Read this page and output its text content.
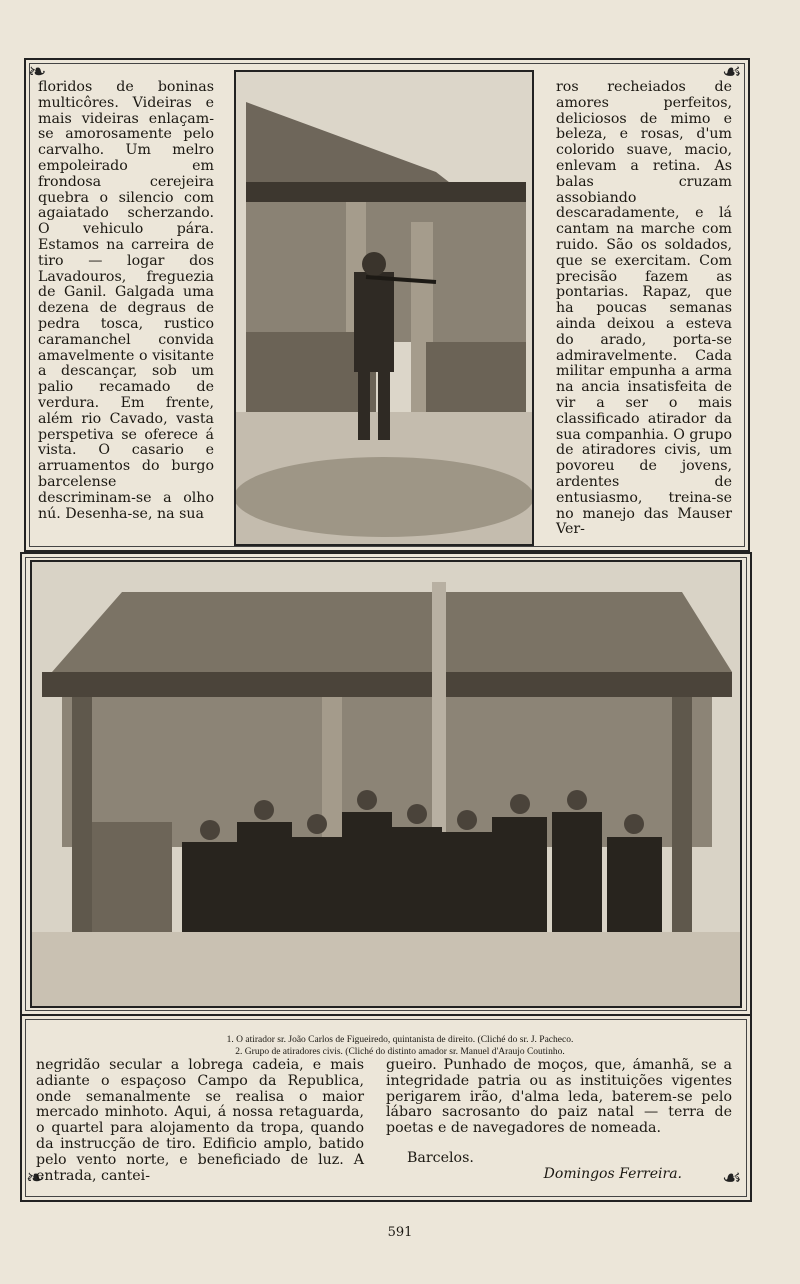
❧	☙
❧	☙

floridos de boninas multicôres. Videiras e mais videiras enlaçam-se amorosamente pelo carvalho. Um melro empoleirado em frondosa cerejeira quebra o silencio com agaiatado scherzando. O vehiculo pára. Estamos na carreira de tiro — logar dos Lavadouros, freguezia de Ganil. Galgada uma dezena de degraus de pedra tosca, rustico caramanchel convida amavelmente o visitante a descançar, sob um palio recamado de verdura. Em frente, além rio Cavado, vasta perspetiva se oferece á vista. O casario e arruamentos do burgo barcelense descriminam-se a olho nú. Desenha-se, na sua

ros recheiados de amores perfeitos, deliciosos de mimo e beleza, e rosas, d'um colorido suave, macio, enlevam a retina. As balas cruzam assobiando descaradamente, e lá cantam na marche com ruido. São os soldados, que se exercitam. Com precisão fazem as pontarias. Rapaz, que ha poucas semanas ainda deixou a esteva do arado, porta-se admiravelmente. Cada militar empunha a arma na ancia insatisfeita de vir a ser o mais classificado atirador da sua companhia. O grupo de atiradores civis, um povoreu de jovens, ardentes de entusiasmo, treina-se no manejo das Mauser Ver-

1. O atirador sr. João Carlos de Figueiredo, quintanista de direito. (Cliché do sr. J. Pacheco.

2. Grupo de atiradores civis. (Cliché do distinto amador sr. Manuel d'Araujo Coutinho.

negridão secular a lobrega cadeia, e mais adiante o espaçoso Campo da Republica, onde semanalmente se realisa o maior mercado minhoto. Aqui, á nossa retaguarda, o quartel para alojamento da tropa, quando da instrucção de tiro. Edificio amplo, batido pelo vento norte, e beneficiado de luz. A entrada, cantei-

gueiro. Punhado de moços, que, ámanhã, se a integridade patria ou as instituições vigentes perigarem irão, d'alma leda, baterem-se pelo lábaro sacrosanto do paiz natal — terra de poetas e de navegadores de nomeada.

Barcelos.
Domingos Ferreira.
591
